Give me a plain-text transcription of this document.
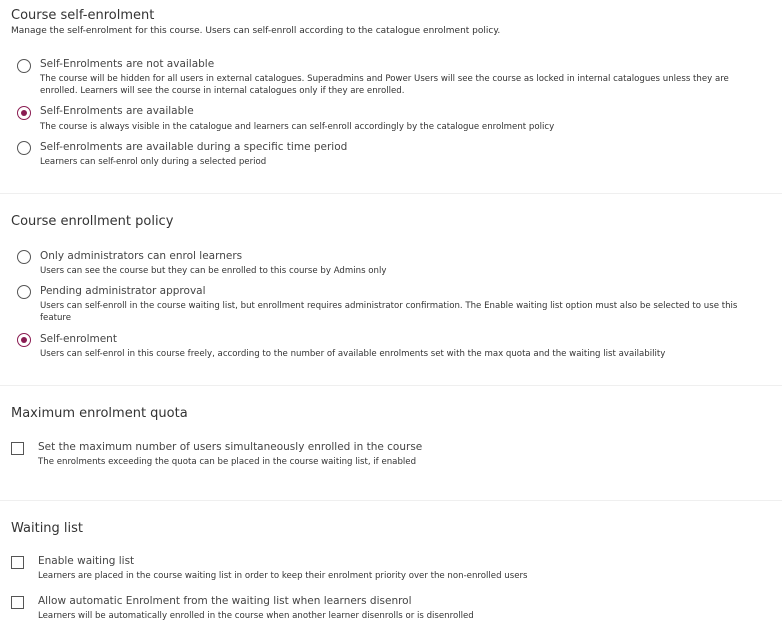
Course self-enrolment
Manage the self-enrolment for this course. Users can self-enroll according to the catalogue enrolment policy.
Self-Enrolments are not available
The course will be hidden for all users in external catalogues. Superadmins and Power Users will see the course as locked in internal catalogues unless they are enrolled. Learners will see the course in internal catalogues only if they are enrolled.
Self-Enrolments are available
The course is always visible in the catalogue and learners can self-enroll accordingly by the catalogue enrolment policy
Self-enrolments are available during a specific time period
Learners can self-enrol only during a selected period
Course enrollment policy
Only administrators can enrol learners
Users can see the course but they can be enrolled to this course by Admins only
Pending administrator approval
Users can self-enroll in the course waiting list, but enrollment requires administrator confirmation. The Enable waiting list option must also be selected to use this feature
Self-enrolment
Users can self-enrol in this course freely, according to the number of available enrolments set with the max quota and the waiting list availability
Maximum enrolment quota
Set the maximum number of users simultaneously enrolled in the course
The enrolments exceeding the quota can be placed in the course waiting list, if enabled
Waiting list
Enable waiting list
Learners are placed in the course waiting list in order to keep their enrolment priority over the non-enrolled users
Allow automatic Enrolment from the waiting list when learners disenrol
Learners will be automatically enrolled in the course when another learner disenrolls or is disenrolled
